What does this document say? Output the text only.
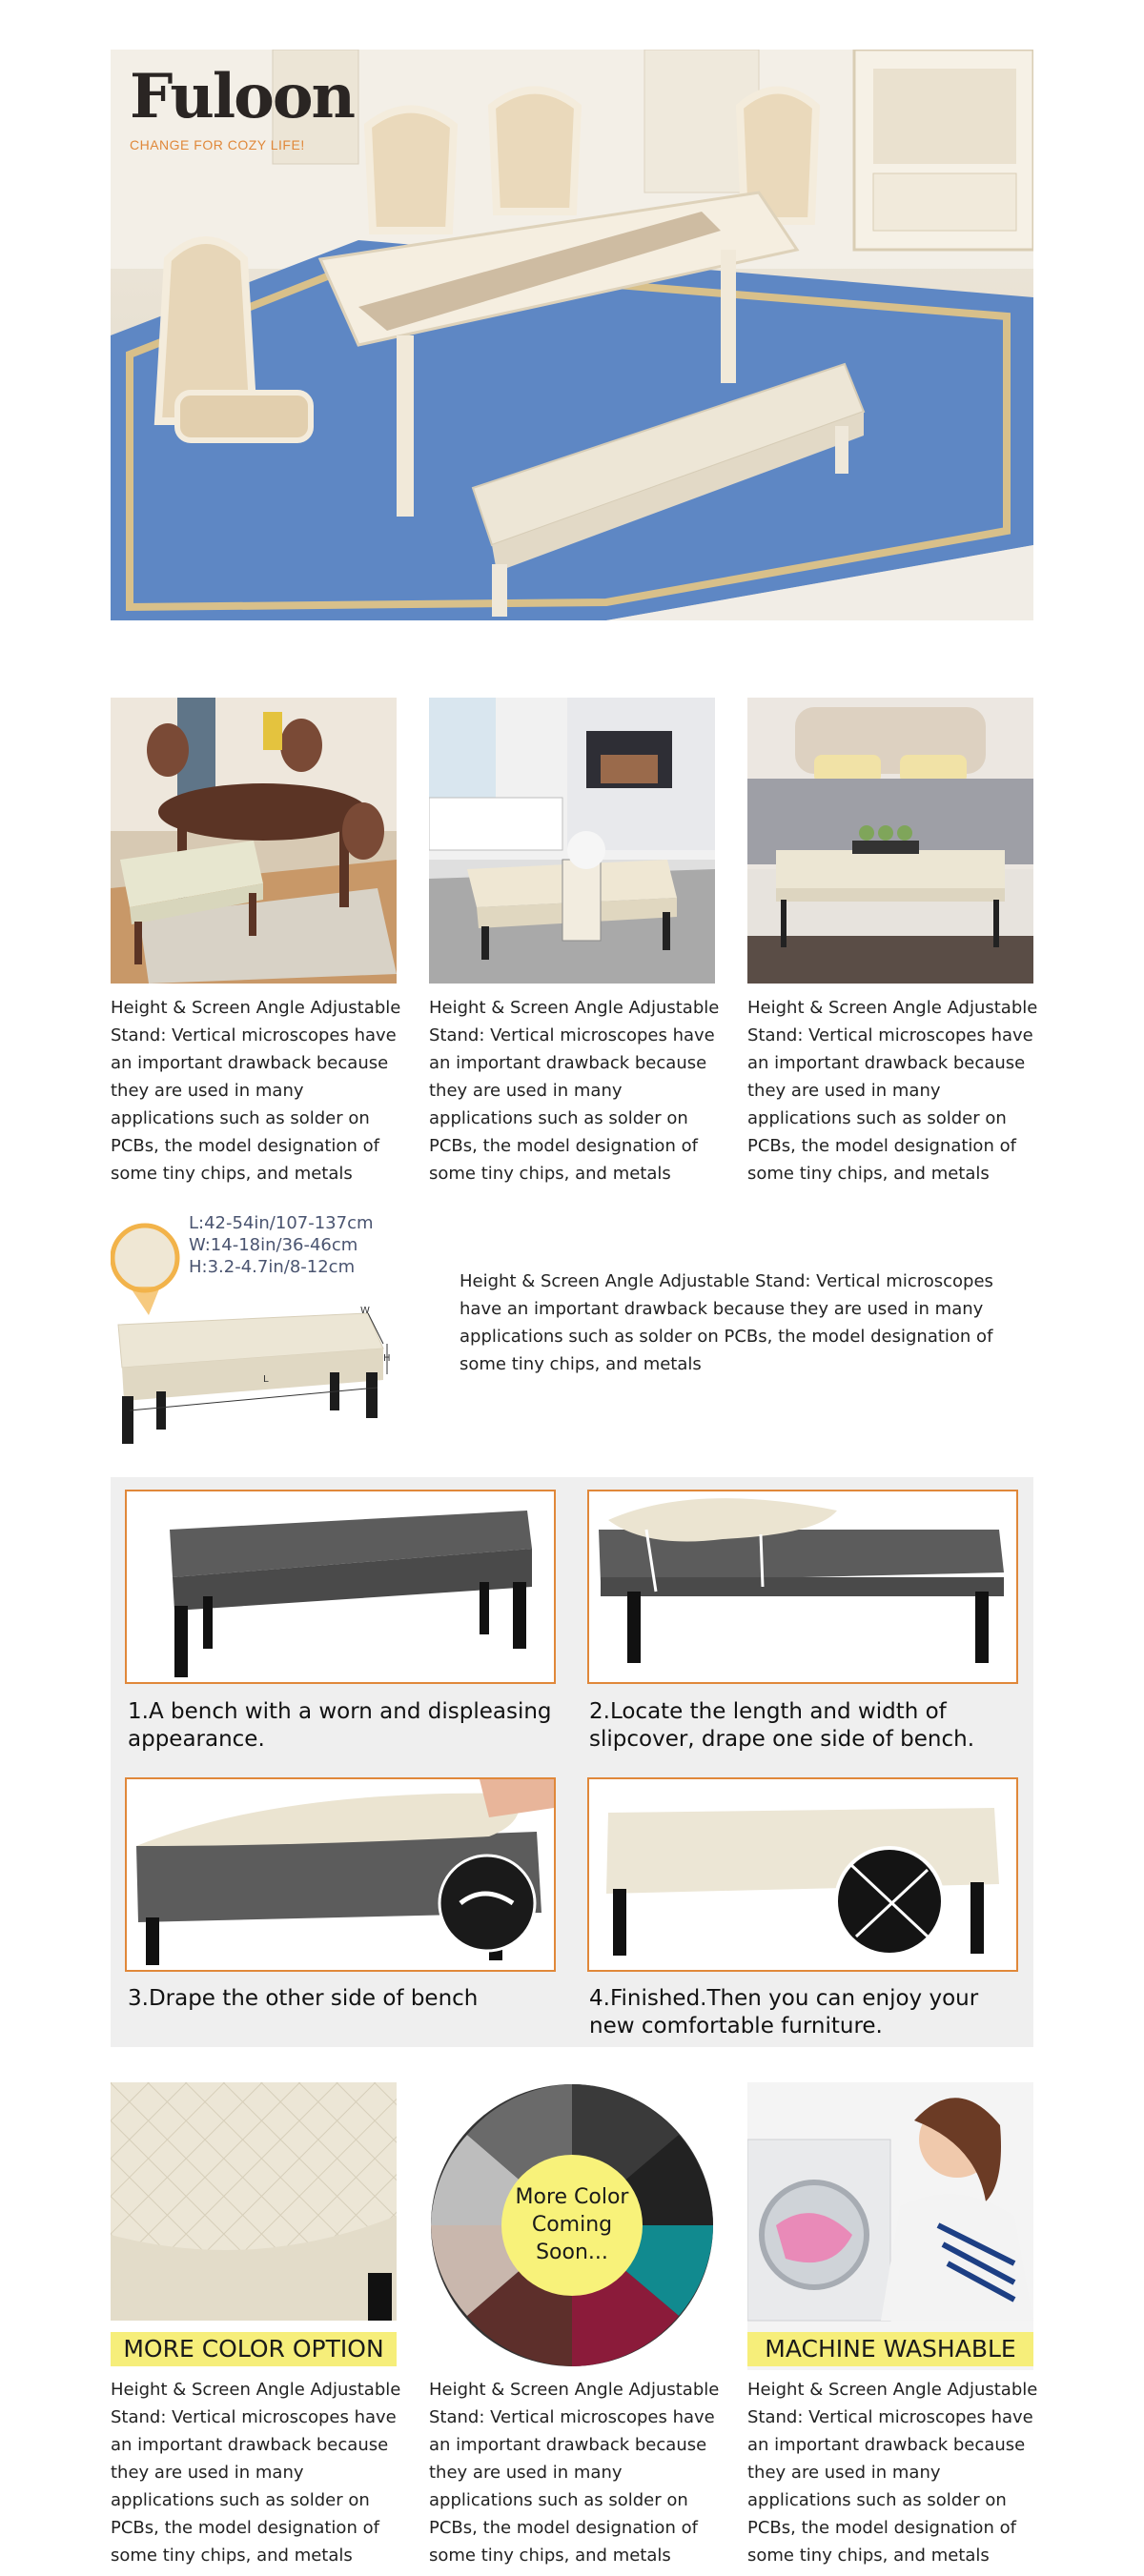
Fuloon
CHANGE FOR COZY LIFE!
Height & Screen Angle Adjustable Stand: Vertical microscopes have an important drawback because they are used in many applications such as solder on PCBs, the model designation of some tiny chips, and metals
Height & Screen Angle Adjustable Stand: Vertical microscopes have an important drawback because they are used in many applications such as solder on PCBs, the model designation of some tiny chips, and metals
Height & Screen Angle Adjustable Stand: Vertical microscopes have an important drawback because they are used in many applications such as solder on PCBs, the model designation of some tiny chips, and metals
W
H
L
L:42-54in/107-137cm
W:14-18in/36-46cm
H:3.2-4.7in/8-12cm
Height & Screen Angle Adjustable Stand: Vertical microscopes have an important drawback because they are used in many applications such as solder on PCBs, the model designation of some tiny chips, and metals
1.A bench with a worn and displeasing appearance.
2.Locate the length and width of slipcover, drape one side of bench.
3.Drape the other side of bench	4.Finished.Then you can enjoy your new comfortable furniture.
MORE COLOR OPTION
More Color
Coming
Soon...
MACHINE WASHABLE
Height & Screen Angle Adjustable Stand: Vertical microscopes have an important drawback because they are used in many applications such as solder on PCBs, the model designation of some tiny chips, and metals
Height & Screen Angle Adjustable Stand: Vertical microscopes have an important drawback because they are used in many applications such as solder on PCBs, the model designation of some tiny chips, and metals
Height & Screen Angle Adjustable Stand: Vertical microscopes have an important drawback because they are used in many applications such as solder on PCBs, the model designation of some tiny chips, and metals
